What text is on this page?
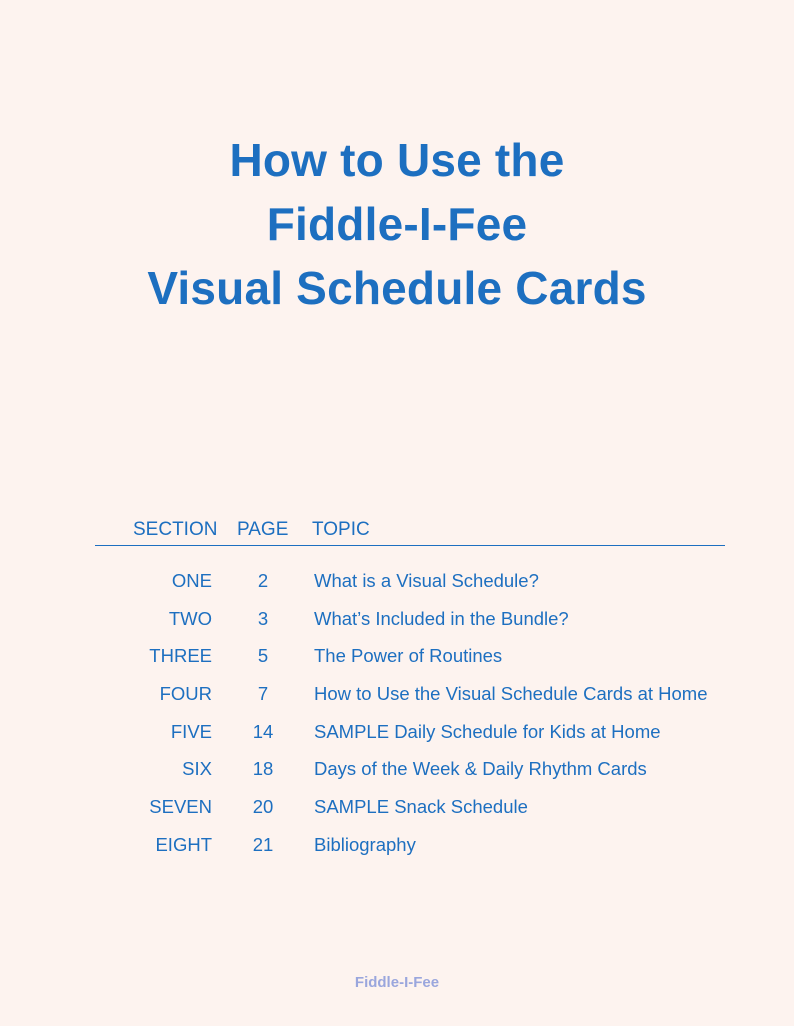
How to Use the
Fiddle-I-Fee
Visual Schedule Cards
SECTION PAGE TOPIC
ONE	2	What is a Visual Schedule?
TWO	3	What’s Included in the Bundle?
THREE	5	The Power of Routines
FOUR	7	How to Use the Visual Schedule Cards at Home
FIVE	14	SAMPLE Daily Schedule for Kids at Home
SIX	18	Days of the Week & Daily Rhythm Cards
SEVEN	20	SAMPLE Snack Schedule
EIGHT	21	Bibliography
Fiddle-I-Fee
